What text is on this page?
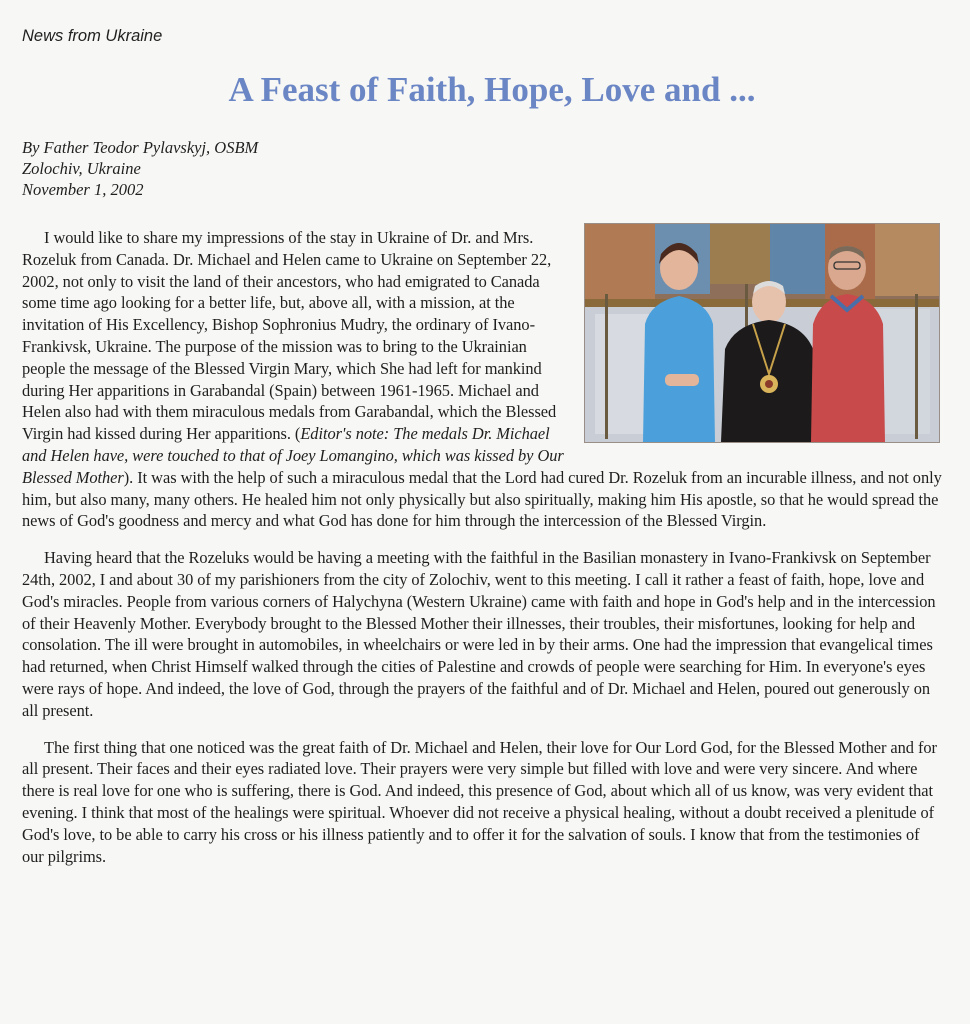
News from Ukraine
A Feast of Faith, Hope, Love and ...
By Father Teodor Pylavskyj, OSBM
Zolochiv, Ukraine
November 1, 2002

I would like to share my impressions of the stay in Ukraine of Dr. and Mrs. Rozeluk from Canada. Dr. Michael and Helen came to Ukraine on September 22, 2002, not only to visit the land of their ancestors, who had emigrated to Canada some time ago looking for a better life, but, above all, with a mission, at the invitation of His Excellency, Bishop Sophronius Mudry, the ordinary of Ivano-Frankivsk, Ukraine. The purpose of the mission was to bring to the Ukrainian people the message of the Blessed Virgin Mary, which She had left for mankind during Her apparitions in Garabandal (Spain) between 1961-1965. Michael and Helen also had with them miraculous medals from Garabandal, which the Blessed Virgin had kissed during Her apparitions. (Editor's note: The medals Dr. Michael and Helen have, were touched to that of Joey Lomangino, which was kissed by Our Blessed Mother). It was with the help of such a miraculous medal that the Lord had cured Dr. Rozeluk from an incurable illness, and not only him, but also many, many others. He healed him not only physically but also spiritually, making him His apostle, so that he would spread the news of God's goodness and mercy and what God has done for him through the intercession of the Blessed Virgin.

Having heard that the Rozeluks would be having a meeting with the faithful in the Basilian monastery in Ivano-Frankivsk on September 24th, 2002, I and about 30 of my parishioners from the city of Zolochiv, went to this meeting. I call it rather a feast of faith, hope, love and God's miracles. People from various corners of Halychyna (Western Ukraine) came with faith and hope in God's help and in the intercession of their Heavenly Mother. Everybody brought to the Blessed Mother their illnesses, their troubles, their misfortunes, looking for help and consolation. The ill were brought in automobiles, in wheelchairs or were led in by their arms. One had the impression that evangelical times had returned, when Christ Himself walked through the cities of Palestine and crowds of people were searching for Him. In everyone's eyes were rays of hope. And indeed, the love of God, through the prayers of the faithful and of Dr. Michael and Helen, poured out generously on all present.

The first thing that one noticed was the great faith of Dr. Michael and Helen, their love for Our Lord God, for the Blessed Mother and for all present. Their faces and their eyes radiated love. Their prayers were very simple but filled with love and were very sincere. And where there is real love for one who is suffering, there is God. And indeed, this presence of God, about which all of us know, was very evident that evening. I think that most of the healings were spiritual. Whoever did not receive a physical healing, without a doubt received a plenitude of God's love, to be able to carry his cross or his illness patiently and to offer it for the salvation of souls. I know that from the testimonies of our pilgrims.
